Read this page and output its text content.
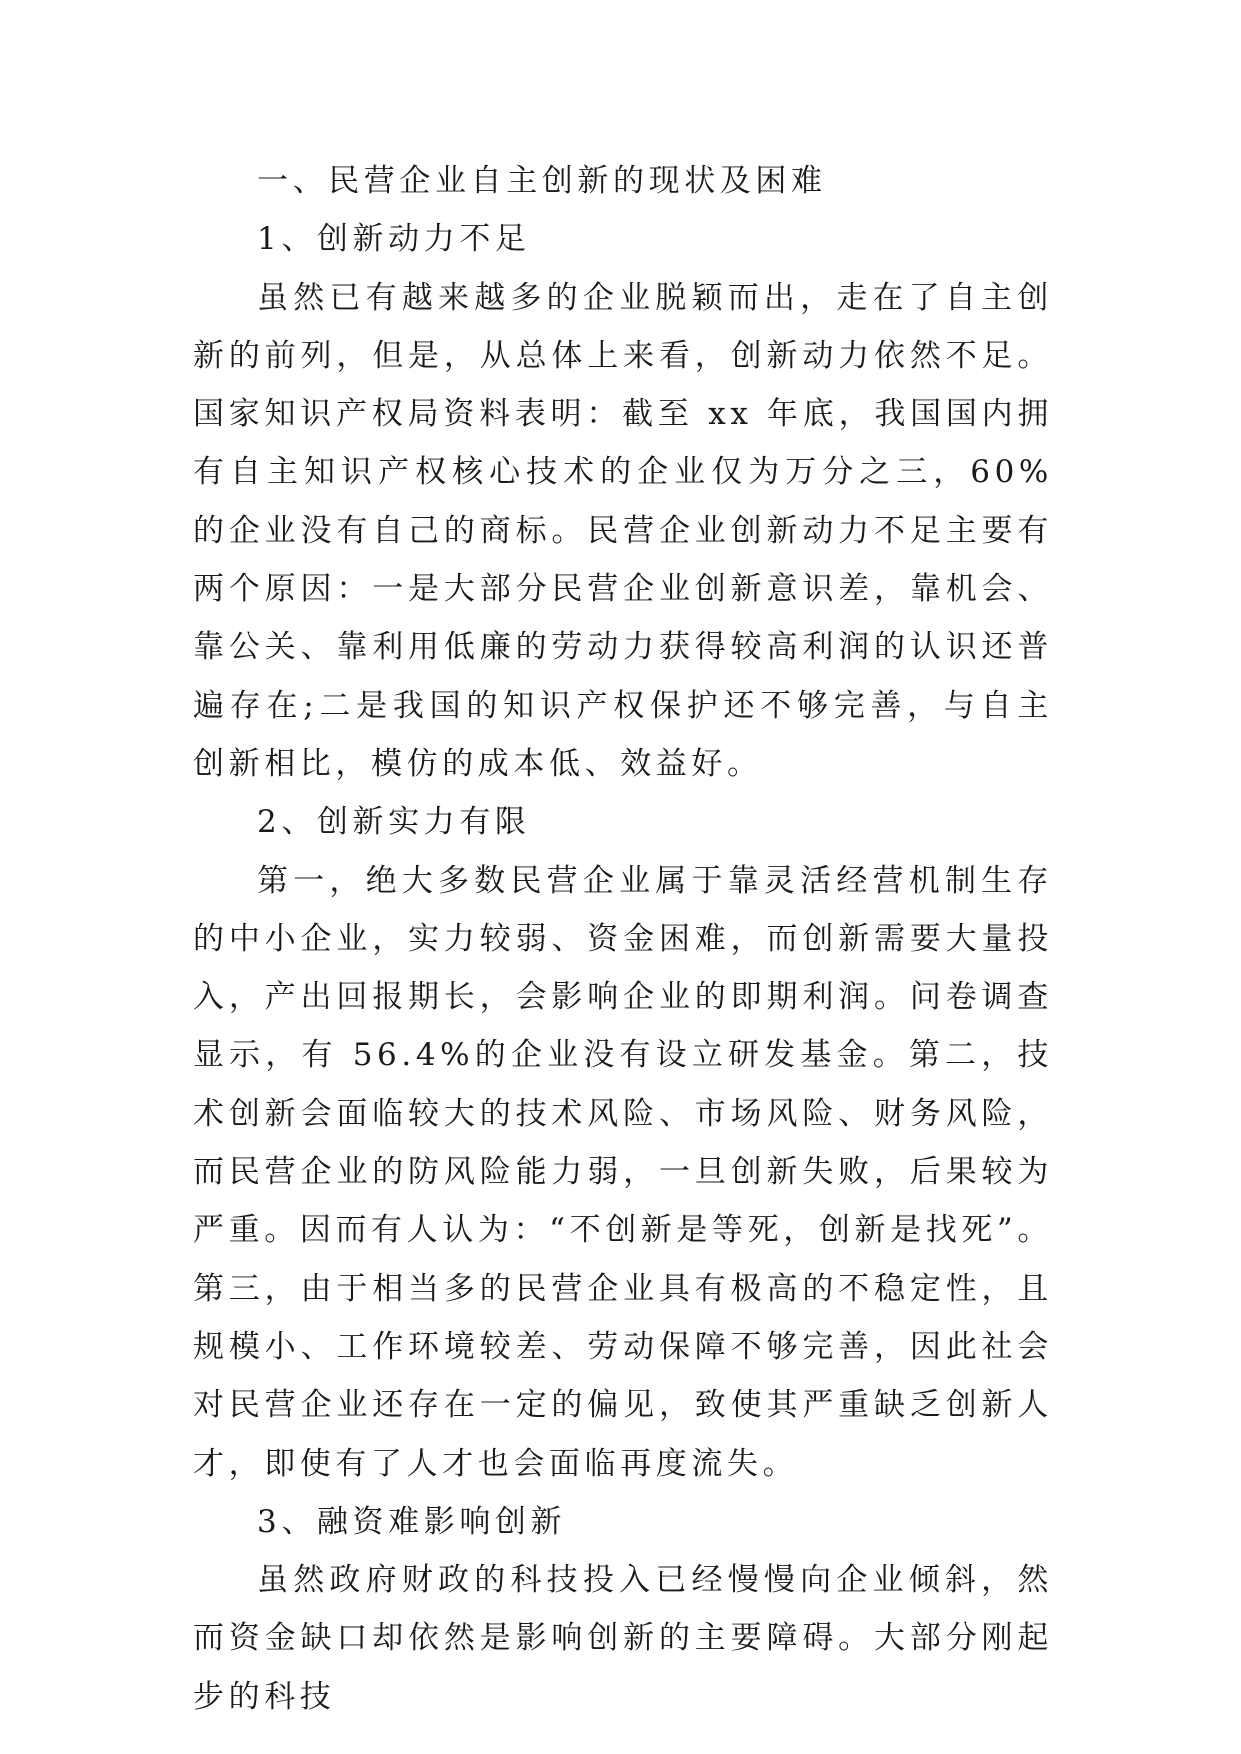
一、民营企业自主创新的现状及困难

1、创新动力不足

虽然已有越来越多的企业脱颖而出，走在了自主创新的前列，但是，从总体上来看，创新动力依然不足。国家知识产权局资料表明：截至 xx 年底，我国国内拥有自主知识产权核心技术的企业仅为万分之三，60%的企业没有自己的商标。民营企业创新动力不足主要有两个原因：一是大部分民营企业创新意识差，靠机会、靠公关、靠利用低廉的劳动力获得较高利润的认识还普遍存在;二是我国的知识产权保护还不够完善，与自主创新相比，模仿的成本低、效益好。

2、创新实力有限

第一，绝大多数民营企业属于靠灵活经营机制生存的中小企业，实力较弱、资金困难，而创新需要大量投入，产出回报期长，会影响企业的即期利润。问卷调查显示，有 56.4%的企业没有设立研发基金。第二，技术创新会面临较大的技术风险、市场风险、财务风险，而民营企业的防风险能力弱，一旦创新失败，后果较为严重。因而有人认为：“不创新是等死，创新是找死”。第三，由于相当多的民营企业具有极高的不稳定性，且规模小、工作环境较差、劳动保障不够完善，因此社会对民营企业还存在一定的偏见，致使其严重缺乏创新人才，即使有了人才也会面临再度流失。

3、融资难影响创新

虽然政府财政的科技投入已经慢慢向企业倾斜，然而资金缺口却依然是影响创新的主要障碍。大部分刚起步的科技
